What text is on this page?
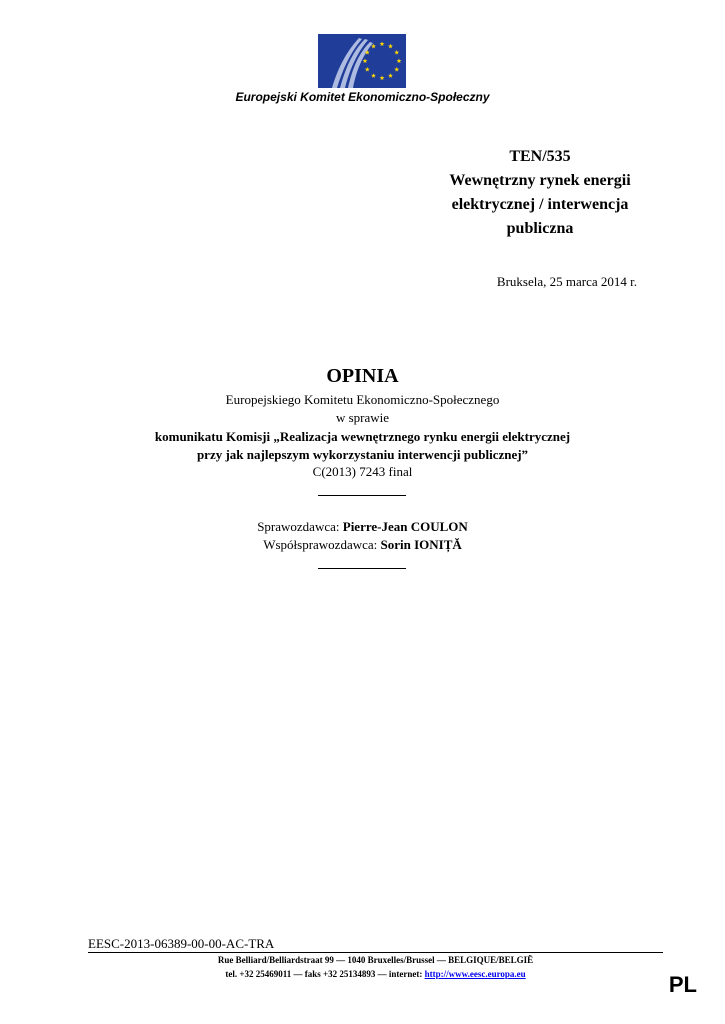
Europejski Komitet Ekonomiczno-Społeczny
TEN/535
Wewnętrzny rynek energii
elektrycznej / interwencja
publiczna
Bruksela, 25 marca 2014 r.
OPINIA
Europejskiego Komitetu Ekonomiczno-Społecznego
w sprawie
komunikatu Komisji „Realizacja wewnętrznego rynku energii elektrycznej
przy jak najlepszym wykorzystaniu interwencji publicznej”
C(2013) 7243 final
Sprawozdawca: Pierre-Jean COULON
Współsprawozdawca: Sorin IONIȚĂ
EESC-2013-06389-00-00-AC-TRA
Rue Belliard/Belliardstraat 99 — 1040 Bruxelles/Brussel — BELGIQUE/BELGIË
tel. +32 25469011 — faks +32 25134893 — internet: http://www.eesc.europa.eu	PL
